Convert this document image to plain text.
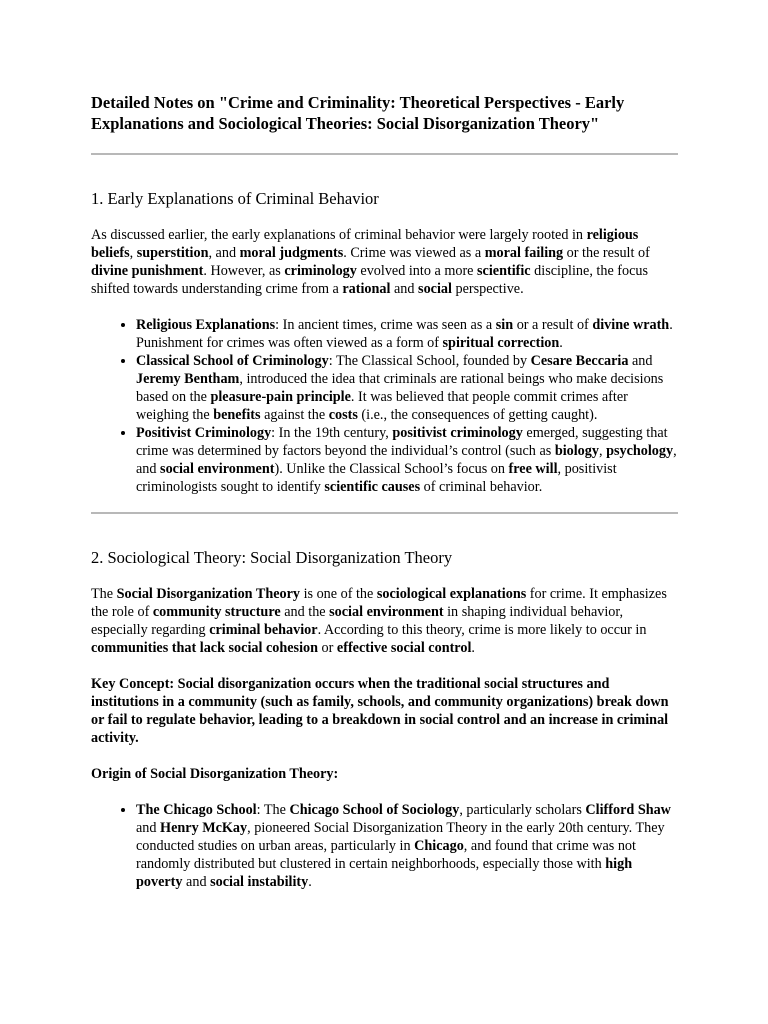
Detailed Notes on "Crime and Criminality: Theoretical Perspectives - Early Explanations and Sociological Theories: Social Disorganization Theory"
1. Early Explanations of Criminal Behavior

As discussed earlier, the early explanations of criminal behavior were largely rooted in religious beliefs, superstition, and moral judgments. Crime was viewed as a moral failing or the result of divine punishment. However, as criminology evolved into a more scientific discipline, the focus shifted towards understanding crime from a rational and social perspective.

• Religious Explanations: In ancient times, crime was seen as a sin or a result of divine wrath. Punishment for crimes was often viewed as a form of spiritual correction.
• Classical School of Criminology: The Classical School, founded by Cesare Beccaria and Jeremy Bentham, introduced the idea that criminals are rational beings who make decisions based on the pleasure-pain principle. It was believed that people commit crimes after weighing the benefits against the costs (i.e., the consequences of getting caught).
• Positivist Criminology: In the 19th century, positivist criminology emerged, suggesting that crime was determined by factors beyond the individual’s control (such as biology, psychology, and social environment). Unlike the Classical School’s focus on free will, positivist criminologists sought to identify scientific causes of criminal behavior.
2. Sociological Theory: Social Disorganization Theory

The Social Disorganization Theory is one of the sociological explanations for crime. It emphasizes the role of community structure and the social environment in shaping individual behavior, especially regarding criminal behavior. According to this theory, crime is more likely to occur in communities that lack social cohesion or effective social control.

Key Concept: Social disorganization occurs when the traditional social structures and institutions in a community (such as family, schools, and community organizations) break down or fail to regulate behavior, leading to a breakdown in social control and an increase in criminal activity.

Origin of Social Disorganization Theory:

• The Chicago School: The Chicago School of Sociology, particularly scholars Clifford Shaw and Henry McKay, pioneered Social Disorganization Theory in the early 20th century. They conducted studies on urban areas, particularly in Chicago, and found that crime was not randomly distributed but clustered in certain neighborhoods, especially those with high poverty and social instability.
